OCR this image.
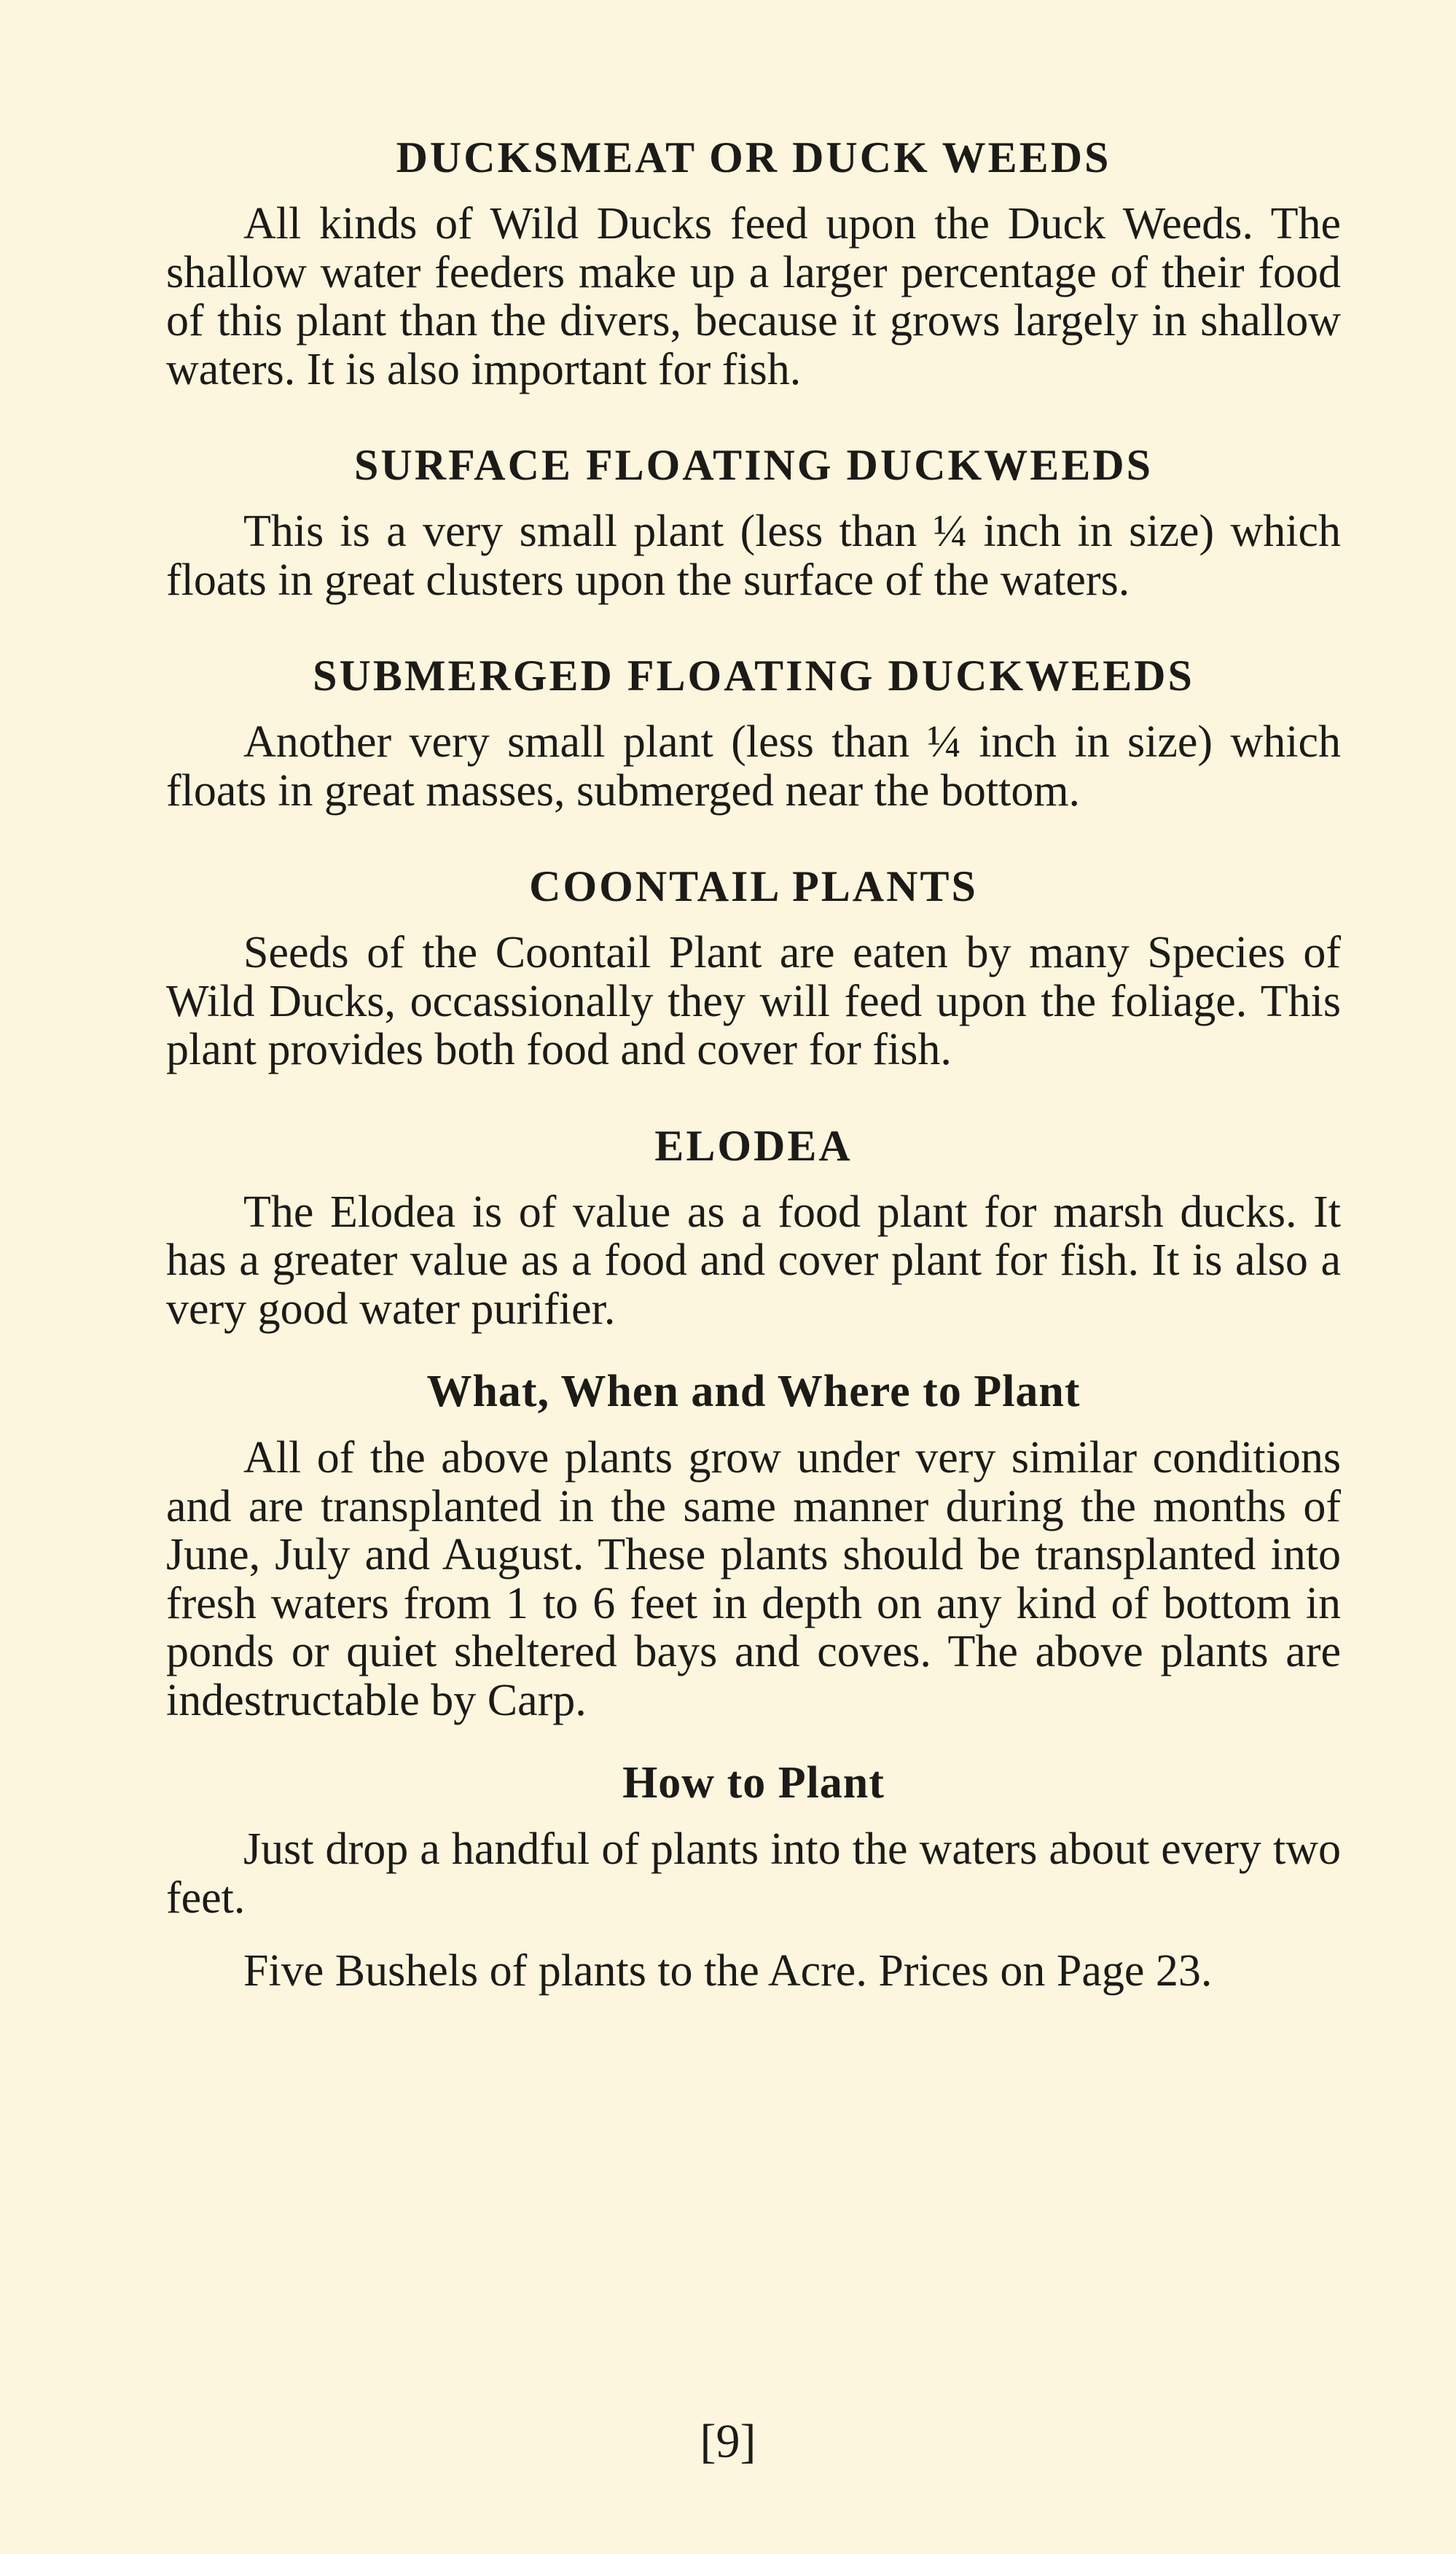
DUCKSMEAT OR DUCK WEEDS

All kinds of Wild Ducks feed upon the Duck Weeds. The shallow water feeders make up a larger percentage of their food of this plant than the divers, because it grows largely in shallow waters. It is also important for fish.

SURFACE FLOATING DUCKWEEDS

This is a very small plant (less than ¼ inch in size) which floats in great clusters upon the surface of the waters.

SUBMERGED FLOATING DUCKWEEDS

Another very small plant (less than ¼ inch in size) which floats in great masses, submerged near the bottom.

COONTAIL PLANTS

Seeds of the Coontail Plant are eaten by many Species of Wild Ducks, occassionally they will feed upon the foliage. This plant provides both food and cover for fish.

ELODEA

The Elodea is of value as a food plant for marsh ducks. It has a greater value as a food and cover plant for fish. It is also a very good water purifier.

What, When and Where to Plant

All of the above plants grow under very similar conditions and are transplanted in the same manner during the months of June, July and August. These plants should be transplanted into fresh waters from 1 to 6 feet in depth on any kind of bottom in ponds or quiet sheltered bays and coves. The above plants are indestructable by Carp.

How to Plant

Just drop a handful of plants into the waters about every two feet.

Five Bushels of plants to the Acre. Prices on Page 23.

[9]
